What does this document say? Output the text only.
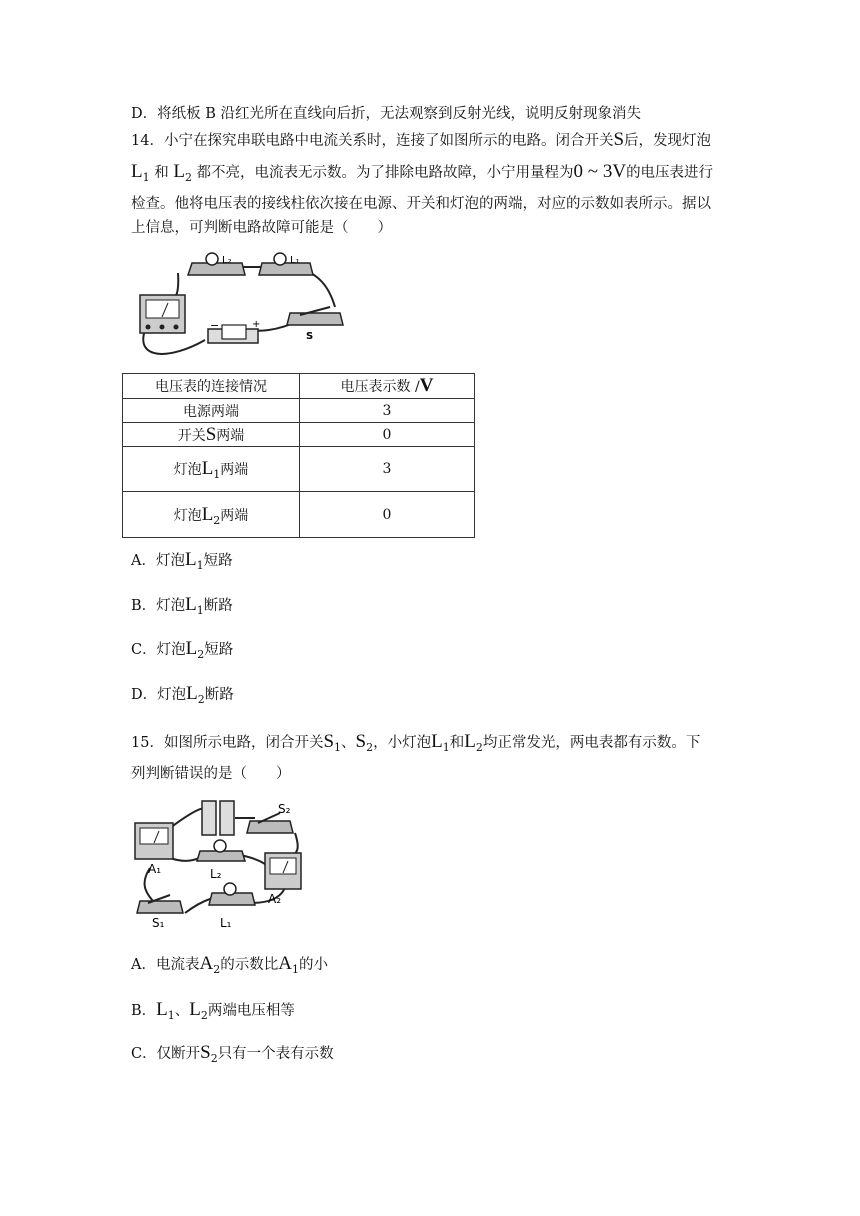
D．将纸板 B 沿红光所在直线向后折，无法观察到反射光线，说明反射现象消失
14．小宁在探究串联电路中电流关系时，连接了如图所示的电路。闭合开关S后，发现灯泡
$L_1$ 和 $L_2$ 都不亮，电流表无示数。为了排除电路故障，小宁用量程为0 ~ 3V的电压表进行
检查。他将电压表的接线柱依次接在电源、开关和灯泡的两端，对应的示数如表所示。据以
上信息，可判断电路故障可能是（　　）
L₂	L₁
−	+
S
电压表的连接情况	电压表示数 /V
电源两端	3
开关S两端	0
灯泡$L_1$两端	3
灯泡$L_2$两端	0
A．灯泡$L_1$短路
B．灯泡$L_1$断路
C．灯泡$L_2$短路
D．灯泡$L_2$断路
15．如图所示电路，闭合开关$S_1$、$S_2$，小灯泡$L_1$和$L_2$均正常发光，两电表都有示数。下
列判断错误的是（　　）
A₁	L₂
S₂
A₂
S₁	L₁
A．电流表$A_2$的示数比$A_1$的小
B．$L_1$、$L_2$两端电压相等
C．仅断开$S_2$只有一个表有示数
